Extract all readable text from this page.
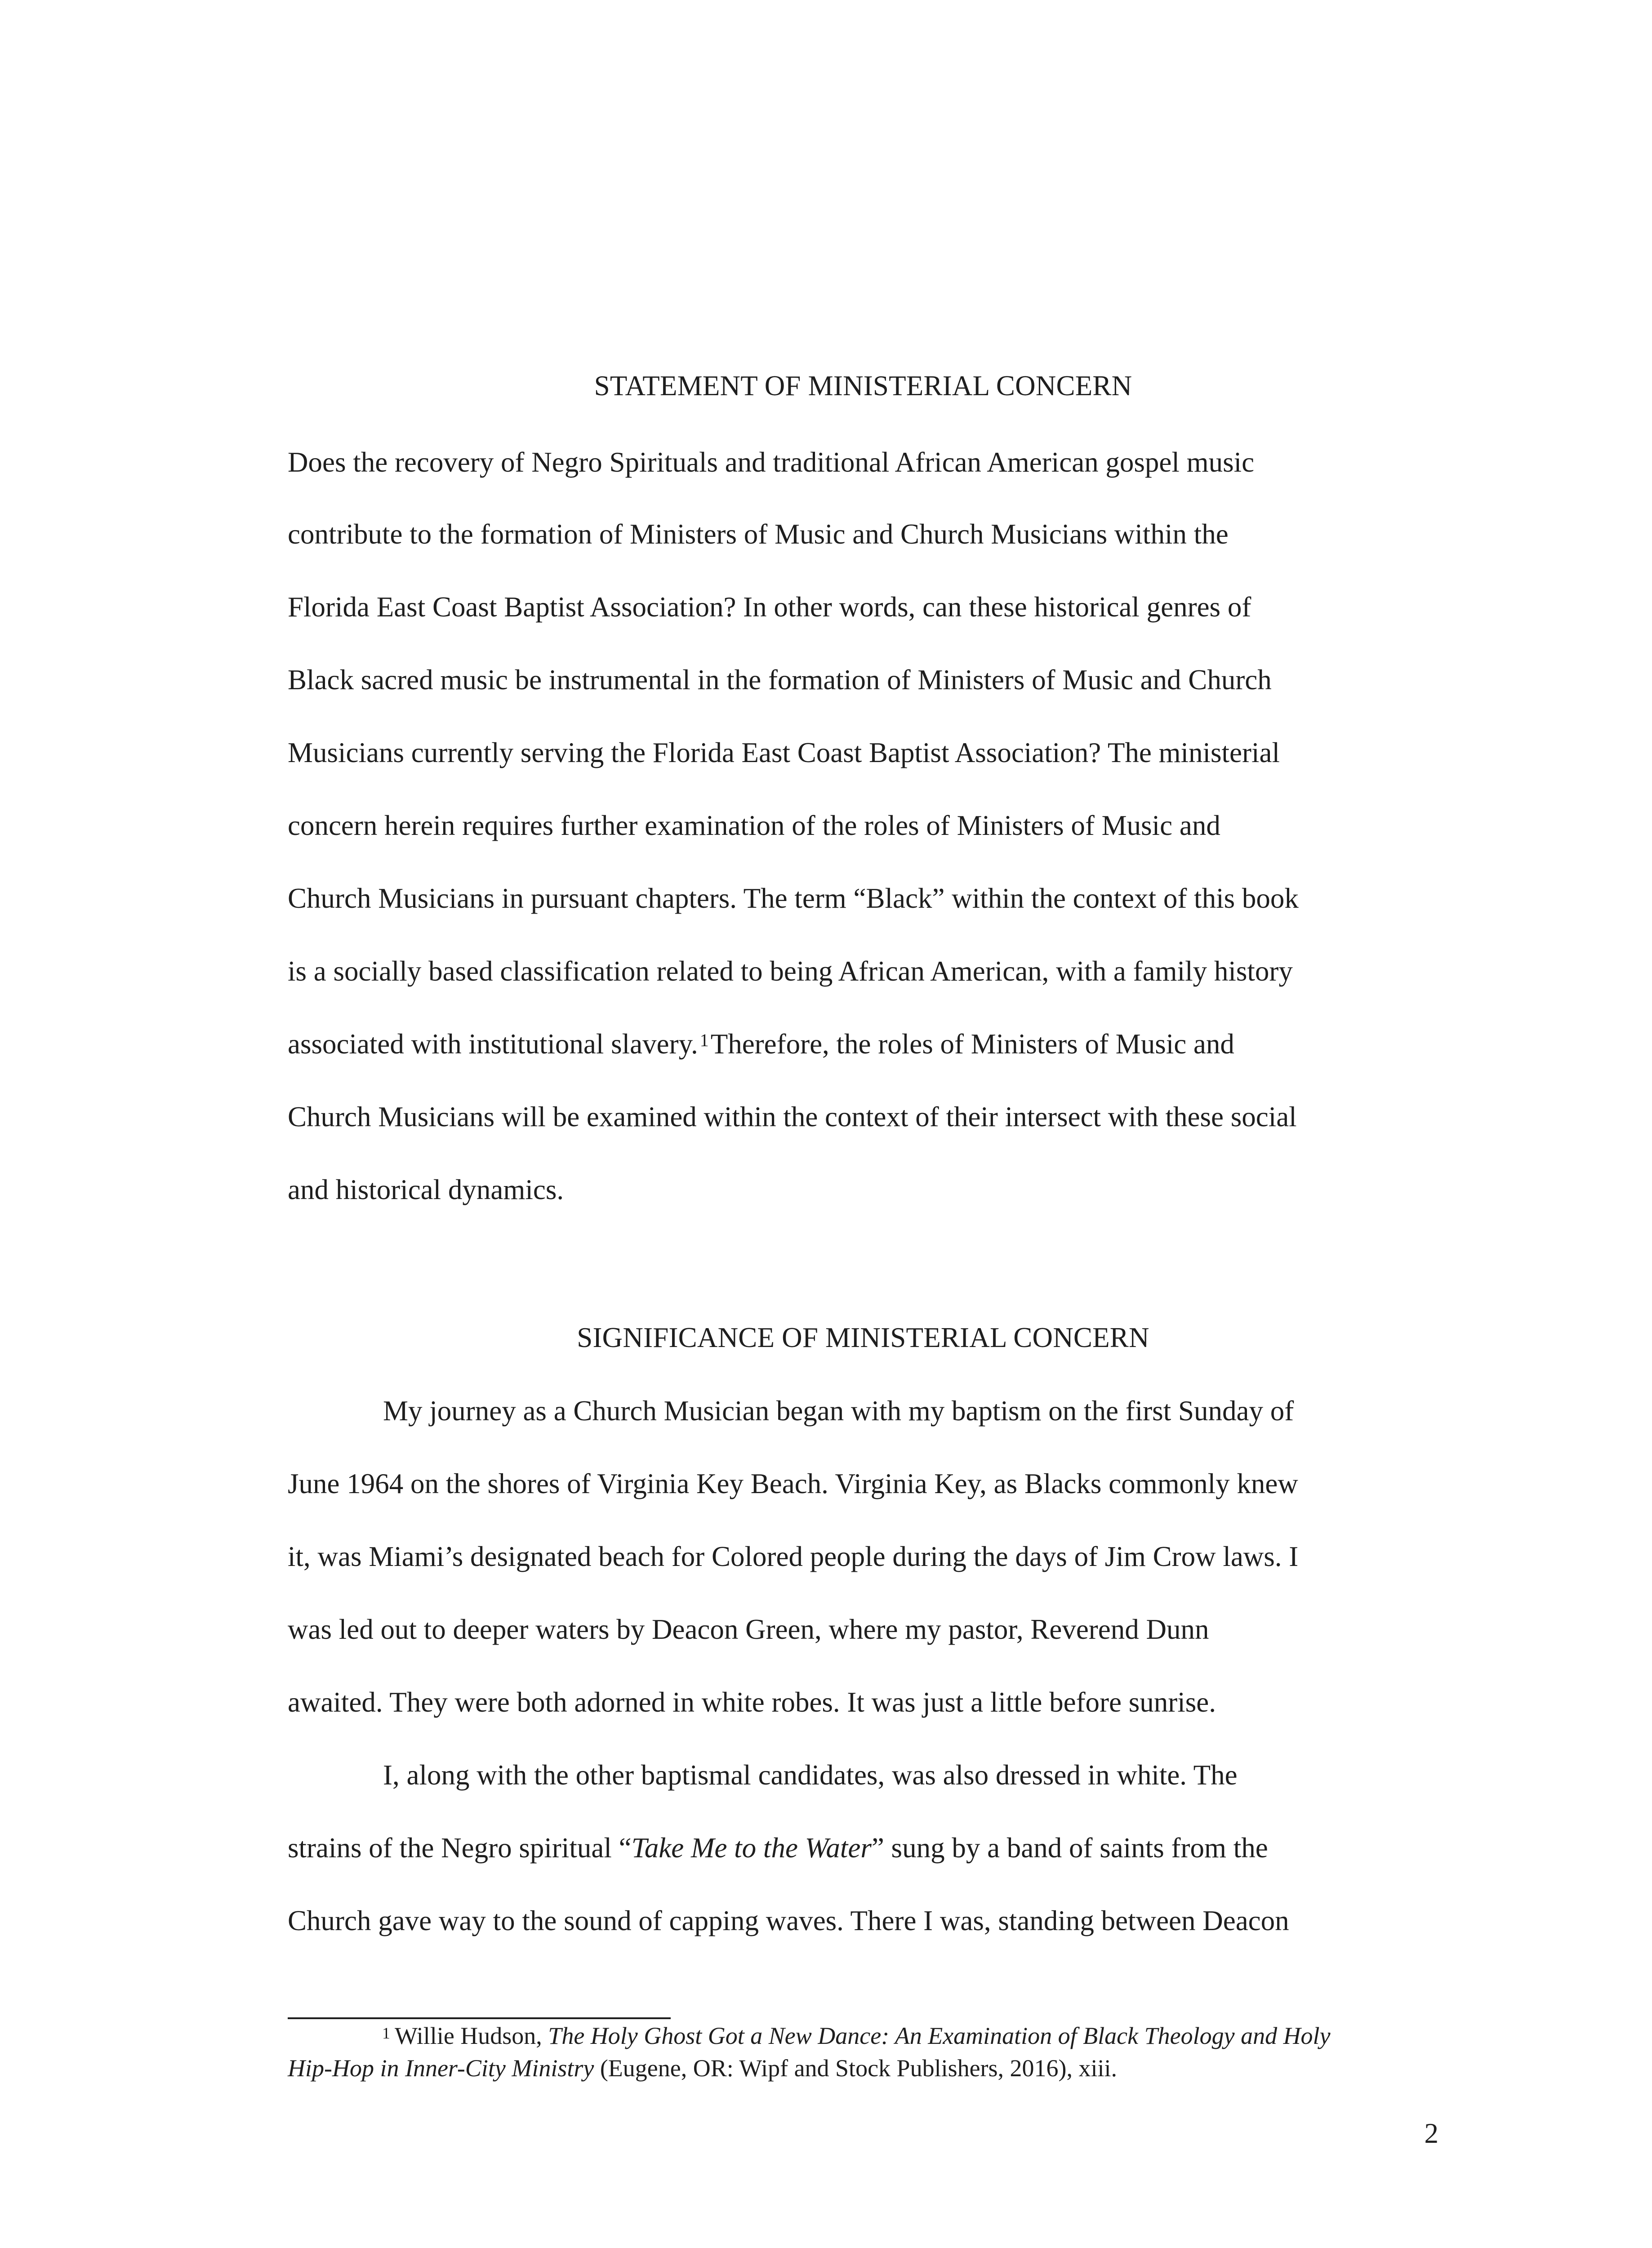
STATEMENT OF MINISTERIAL CONCERN

Does the recovery of Negro Spirituals and traditional African American gospel music

contribute to the formation of Ministers of Music and Church Musicians within the

Florida East Coast Baptist Association? In other words, can these historical genres of

Black sacred music be instrumental in the formation of Ministers of Music and Church

Musicians currently serving the Florida East Coast Baptist Association? The ministerial

concern herein requires further examination of the roles of Ministers of Music and

Church Musicians in pursuant chapters. The term “Black” within the context of this book

is a socially based classification related to being African American, with a family history

associated with institutional slavery. $^1$Therefore, the roles of Ministers of Music and

Church Musicians will be examined within the context of their intersect with these social

and historical dynamics.

SIGNIFICANCE OF MINISTERIAL CONCERN

My journey as a Church Musician began with my baptism on the first Sunday of

June 1964 on the shores of Virginia Key Beach. Virginia Key, as Blacks commonly knew

it, was Miami’s designated beach for Colored people during the days of Jim Crow laws. I

was led out to deeper waters by Deacon Green, where my pastor, Reverend Dunn

awaited. They were both adorned in white robes. It was just a little before sunrise.

I, along with the other baptismal candidates, was also dressed in white. The

strains of the Negro spiritual “Take Me to the Water” sung by a band of saints from the

Church gave way to the sound of capping waves. There I was, standing between Deacon

$^1$ Willie Hudson, The Holy Ghost Got a New Dance: An Examination of Black Theology and Holy

Hip-Hop in Inner-City Ministry (Eugene, OR: Wipf and Stock Publishers, 2016), xiii.

2
